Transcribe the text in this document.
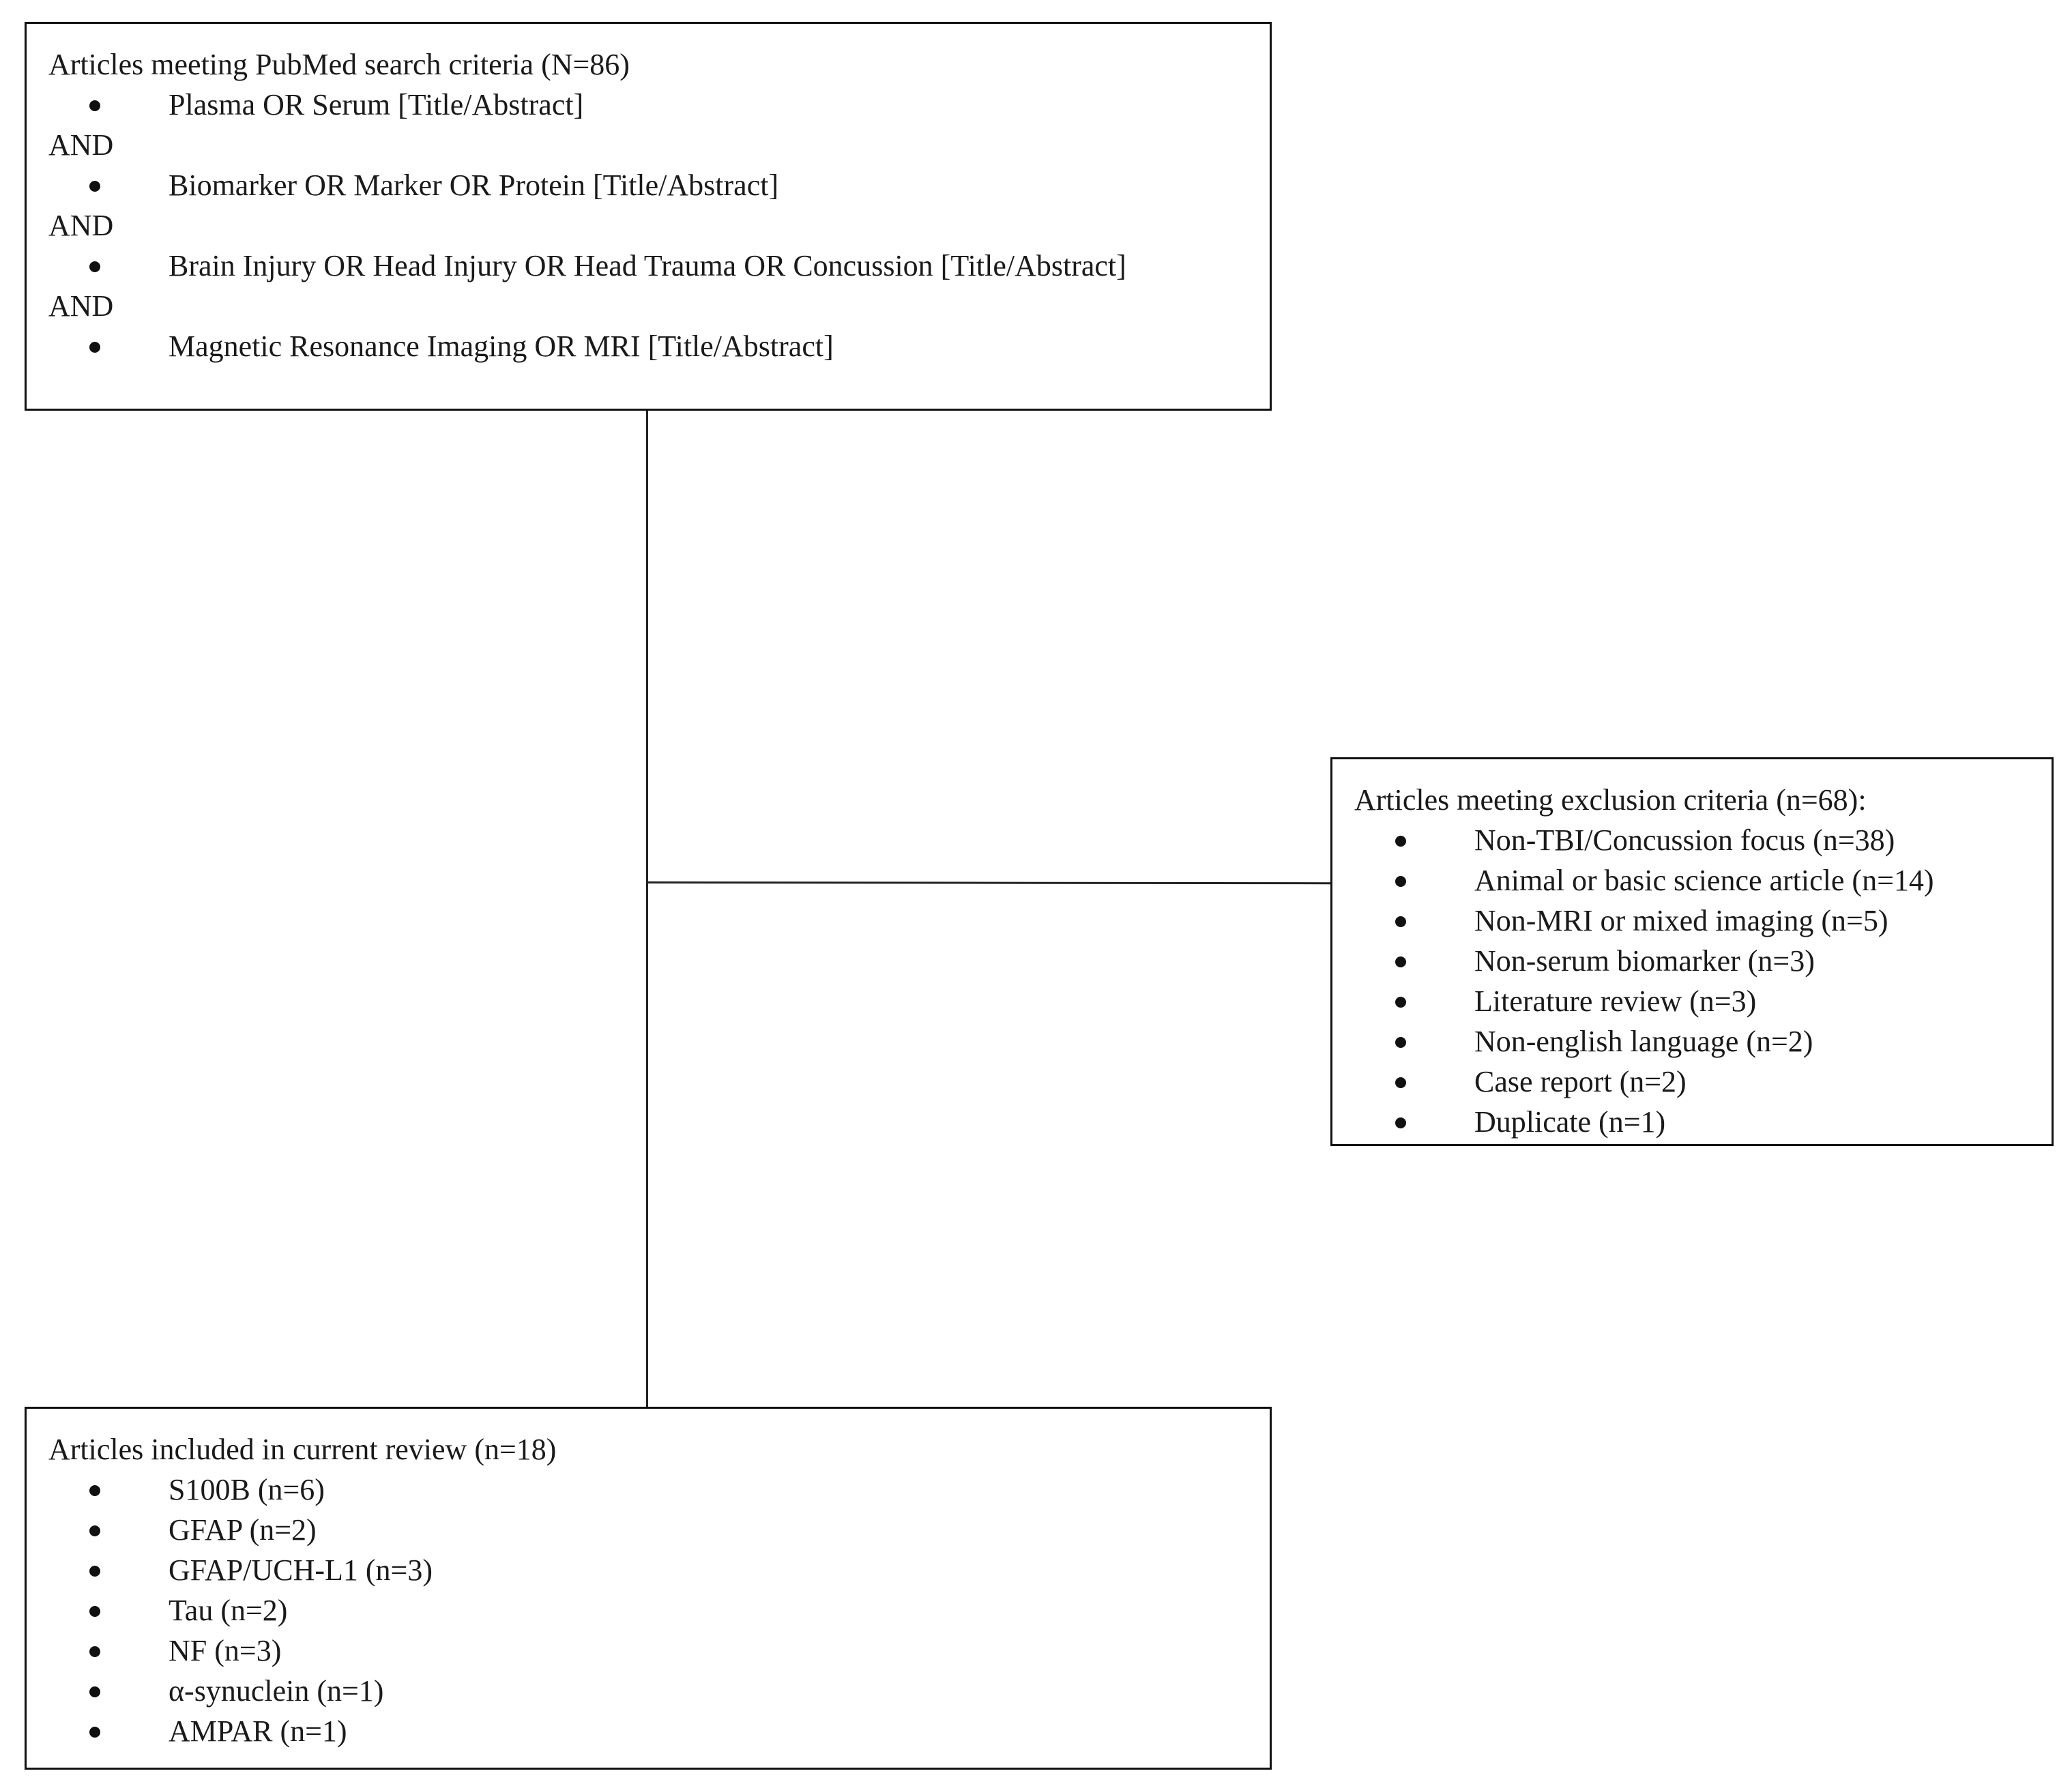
Articles meeting PubMed search criteria (N=86)
Plasma OR Serum [Title/Abstract]
AND
Biomarker OR Marker OR Protein [Title/Abstract]
AND
Brain Injury OR Head Injury OR Head Trauma OR Concussion [Title/Abstract]
AND
Magnetic Resonance Imaging OR MRI [Title/Abstract]
Articles meeting exclusion criteria (n=68):
Non-TBI/Concussion focus (n=38)
Animal or basic science article (n=14)
Non-MRI or mixed imaging (n=5)
Non-serum biomarker (n=3)
Literature review (n=3)
Non-english language (n=2)
Case report (n=2)
Duplicate (n=1)
Articles included in current review (n=18)
S100B (n=6)
GFAP (n=2)
GFAP/UCH-L1 (n=3)
Tau (n=2)
NF (n=3)
α-synuclein (n=1)
AMPAR (n=1)
